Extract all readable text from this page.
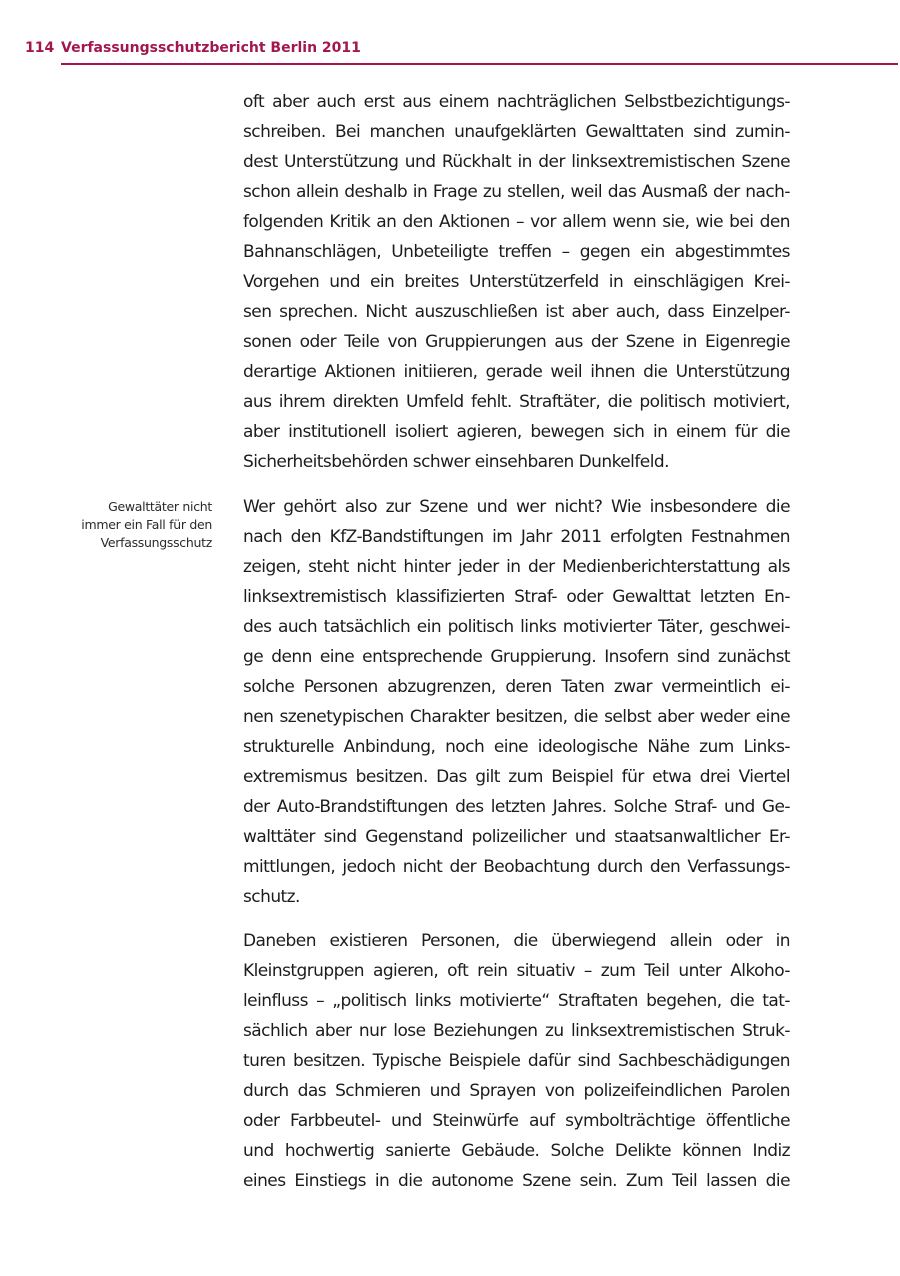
114 Verfassungsschutzbericht Berlin 2011
Gewalttäter nicht
immer ein Fall für den
Verfassungsschutz
oft aber auch erst aus einem nachträglichen Selbstbezichtigungs-
schreiben. Bei manchen unaufgeklärten Gewalttaten sind zumin-
dest Unterstützung und Rückhalt in der linksextremistischen Szene
schon allein deshalb in Frage zu stellen, weil das Ausmaß der nach-
folgenden Kritik an den Aktionen – vor allem wenn sie, wie bei den
Bahnanschlägen, Unbeteiligte treffen – gegen ein abgestimmtes
Vorgehen und ein breites Unterstützerfeld in einschlägigen Krei-
sen sprechen. Nicht auszuschließen ist aber auch, dass Einzelper-
sonen oder Teile von Gruppierungen aus der Szene in Eigenregie
derartige Aktionen initiieren, gerade weil ihnen die Unterstützung
aus ihrem direkten Umfeld fehlt. Straftäter, die politisch motiviert,
aber institutionell isoliert agieren, bewegen sich in einem für die
Sicherheitsbehörden schwer einsehbaren Dunkelfeld.
Wer gehört also zur Szene und wer nicht? Wie insbesondere die
nach den KfZ-Bandstiftungen im Jahr 2011 erfolgten Festnahmen
zeigen, steht nicht hinter jeder in der Medienberichterstattung als
linksextremistisch klassifizierten Straf- oder Gewalttat letzten En-
des auch tatsächlich ein politisch links motivierter Täter, geschwei-
ge denn eine entsprechende Gruppierung. Insofern sind zunächst
solche Personen abzugrenzen, deren Taten zwar vermeintlich ei-
nen szenetypischen Charakter besitzen, die selbst aber weder eine
strukturelle Anbindung, noch eine ideologische Nähe zum Links-
extremismus besitzen. Das gilt zum Beispiel für etwa drei Viertel
der Auto-Brandstiftungen des letzten Jahres. Solche Straf- und Ge-
walttäter sind Gegenstand polizeilicher und staatsanwaltlicher Er-
mittlungen, jedoch nicht der Beobachtung durch den Verfassungs-
schutz.
Daneben existieren Personen, die überwiegend allein oder in
Kleinstgruppen agieren, oft rein situativ – zum Teil unter Alkoho-
leinfluss – „politisch links motivierte“ Straftaten begehen, die tat-
sächlich aber nur lose Beziehungen zu linksextremistischen Struk-
turen besitzen. Typische Beispiele dafür sind Sachbeschädigungen
durch das Schmieren und Sprayen von polizeifeindlichen Parolen
oder Farbbeutel- und Steinwürfe auf symbolträchtige öffentliche
und hochwertig sanierte Gebäude. Solche Delikte können Indiz
eines Einstiegs in die autonome Szene sein. Zum Teil lassen die
